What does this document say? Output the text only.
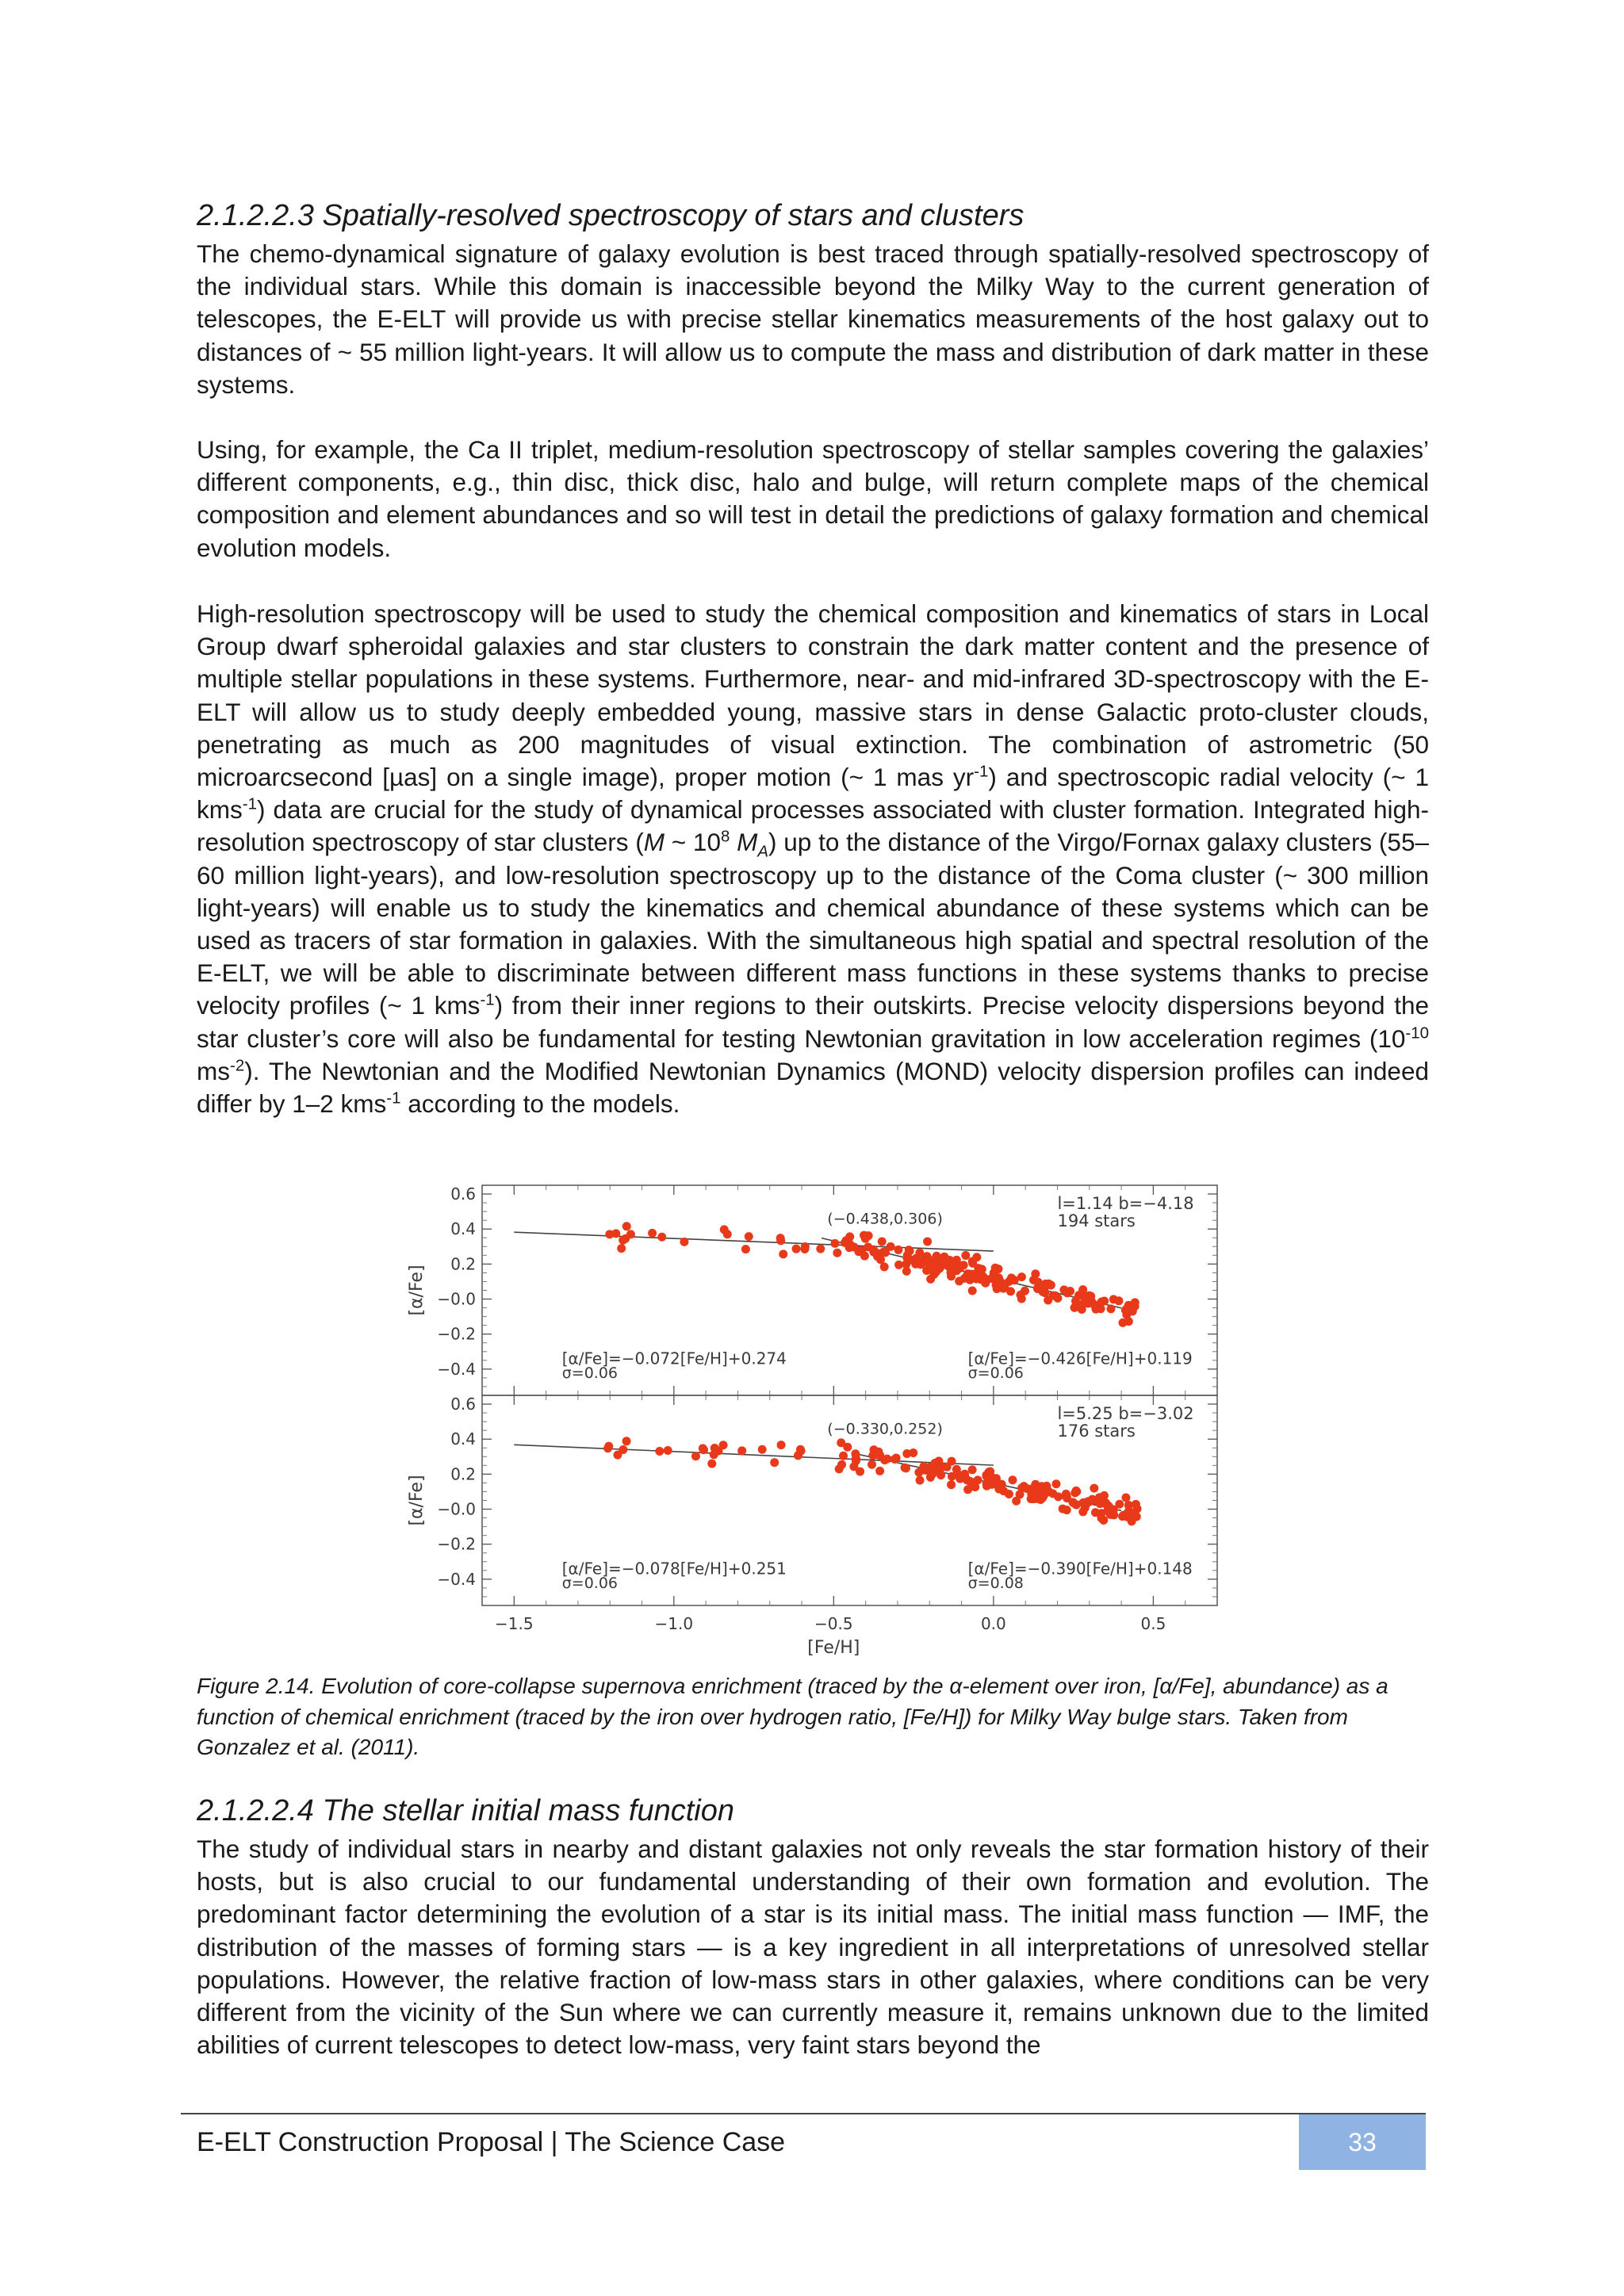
2.1.2.2.3 Spatially-resolved spectroscopy of stars and clusters
The chemo-dynamical signature of galaxy evolution is best traced through spatially-resolved spectroscopy of the individual stars. While this domain is inaccessible beyond the Milky Way to the current generation of telescopes, the E-ELT will provide us with precise stellar kinematics measurements of the host galaxy out to distances of ~ 55 million light-years. It will allow us to compute the mass and distribution of dark matter in these systems.
Using, for example, the Ca II triplet, medium-resolution spectroscopy of stellar samples covering the galaxies’ different components, e.g., thin disc, thick disc, halo and bulge, will return complete maps of the chemical composition and element abundances and so will test in detail the predictions of galaxy formation and chemical evolution models.
High-resolution spectroscopy will be used to study the chemical composition and kinematics of stars in Local Group dwarf spheroidal galaxies and star clusters to constrain the dark matter content and the presence of multiple stellar populations in these systems. Furthermore, near- and mid-infrared 3D-spectroscopy with the E-ELT will allow us to study deeply embedded young, massive stars in dense Galactic proto-cluster clouds, penetrating as much as 200 magnitudes of visual extinction. The combination of astrometric (50 microarcsecond [µas] on a single image), proper motion (~ 1 mas $yr^{-1}$) and spectroscopic radial velocity (~ 1 kms$^{-1}$) data are crucial for the study of dynamical processes associated with cluster formation. Integrated high-resolution spectroscopy of star clusters (M ~ $10^8$ $M_A$) up to the distance of the Virgo/Fornax galaxy clusters (55–60 million light-years), and low-resolution spectroscopy up to the distance of the Coma cluster (~ 300 million light-years) will enable us to study the kinematics and chemical abundance of these systems which can be used as tracers of star formation in galaxies. With the simultaneous high spatial and spectral resolution of the E-ELT, we will be able to discriminate between different mass functions in these systems thanks to precise velocity profiles (~ 1 kms$^{-1}$) from their inner regions to their outskirts. Precise velocity dispersions beyond the star cluster’s core will also be fundamental for testing Newtonian gravitation in low acceleration regimes ($10^{-10}$ $ms^{-2}$). The Newtonian and the Modified Newtonian Dynamics (MOND) velocity dispersion profiles can indeed differ by 1–2 kms$^{-1}$ according to the models.
0.6
0.4
0.2
−0.0
−0.2
−0.4
[α/Fe]
(−0.438,0.306)
l=1.14 b=−4.18
194 stars
[α/Fe]=−0.072[Fe/H]+0.274
σ=0.06
[α/Fe]=−0.426[Fe/H]+0.119
σ=0.06
0.6
0.4
0.2
−0.0
−0.2
−0.4
[α/Fe]
(−0.330,0.252)
l=5.25 b=−3.02
176 stars
[α/Fe]=−0.078[Fe/H]+0.251
σ=0.06
[α/Fe]=−0.390[Fe/H]+0.148
σ=0.08
−1.5	−1.0	−0.5	0.0	0.5
[Fe/H]
Figure 2.14. Evolution of core-collapse supernova enrichment (traced by the α-element over iron, [α/Fe], abundance) as a function of chemical enrichment (traced by the iron over hydrogen ratio, [Fe/H]) for Milky Way bulge stars. Taken from Gonzalez et al. (2011).
2.1.2.2.4 The stellar initial mass function
The study of individual stars in nearby and distant galaxies not only reveals the star formation history of their hosts, but is also crucial to our fundamental understanding of their own formation and evolution. The predominant factor determining the evolution of a star is its initial mass. The initial mass function — IMF, the distribution of the masses of forming stars — is a key ingredient in all interpretations of unresolved stellar populations. However, the relative fraction of low-mass stars in other galaxies, where conditions can be very different from the vicinity of the Sun where we can currently measure it, remains unknown due to the limited abilities of current telescopes to detect low-mass, very faint stars beyond the
E-ELT Construction Proposal | The Science Case	33
